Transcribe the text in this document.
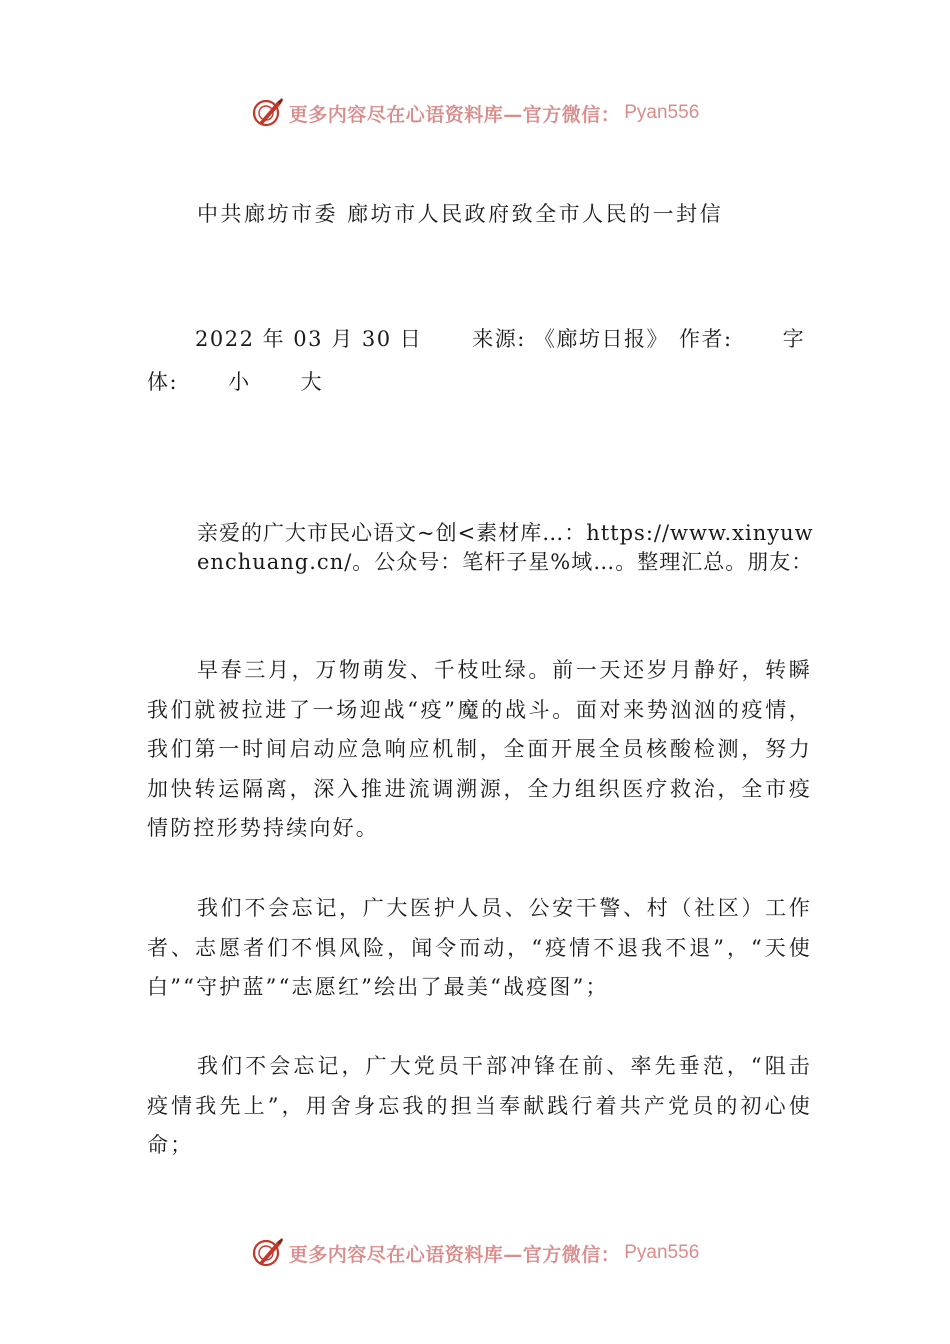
更多内容尽在心语资料库—官方微信： Pyan556
中共廊坊市委 廊坊市人民政府致全市人民的一封信
2022 年 03 月 30 日 来源: 《廊坊日报》 作者: 字体: 小 大
亲爱的广大市民心语文~创<素材库…：https://www.xinyuwenchuang.cn/。公众号：笔杆子星%域…。整理汇总。朋友：

早春三月，万物萌发、千枝吐绿。前一天还岁月静好，转瞬我们就被拉进了一场迎战“疫”魔的战斗。面对来势汹汹的疫情，我们第一时间启动应急响应机制，全面开展全员核酸检测，努力加快转运隔离，深入推进流调溯源，全力组织医疗救治，全市疫情防控形势持续向好。

我们不会忘记，广大医护人员、公安干警、村（社区）工作者、志愿者们不惧风险，闻令而动，“疫情不退我不退”，“天使白”“守护蓝”“志愿红”绘出了最美“战疫图”；

我们不会忘记，广大党员干部冲锋在前、率先垂范，“阻击疫情我先上”，用舍身忘我的担当奉献践行着共产党员的初心使命；

更多内容尽在心语资料库—官方微信： Pyan556
